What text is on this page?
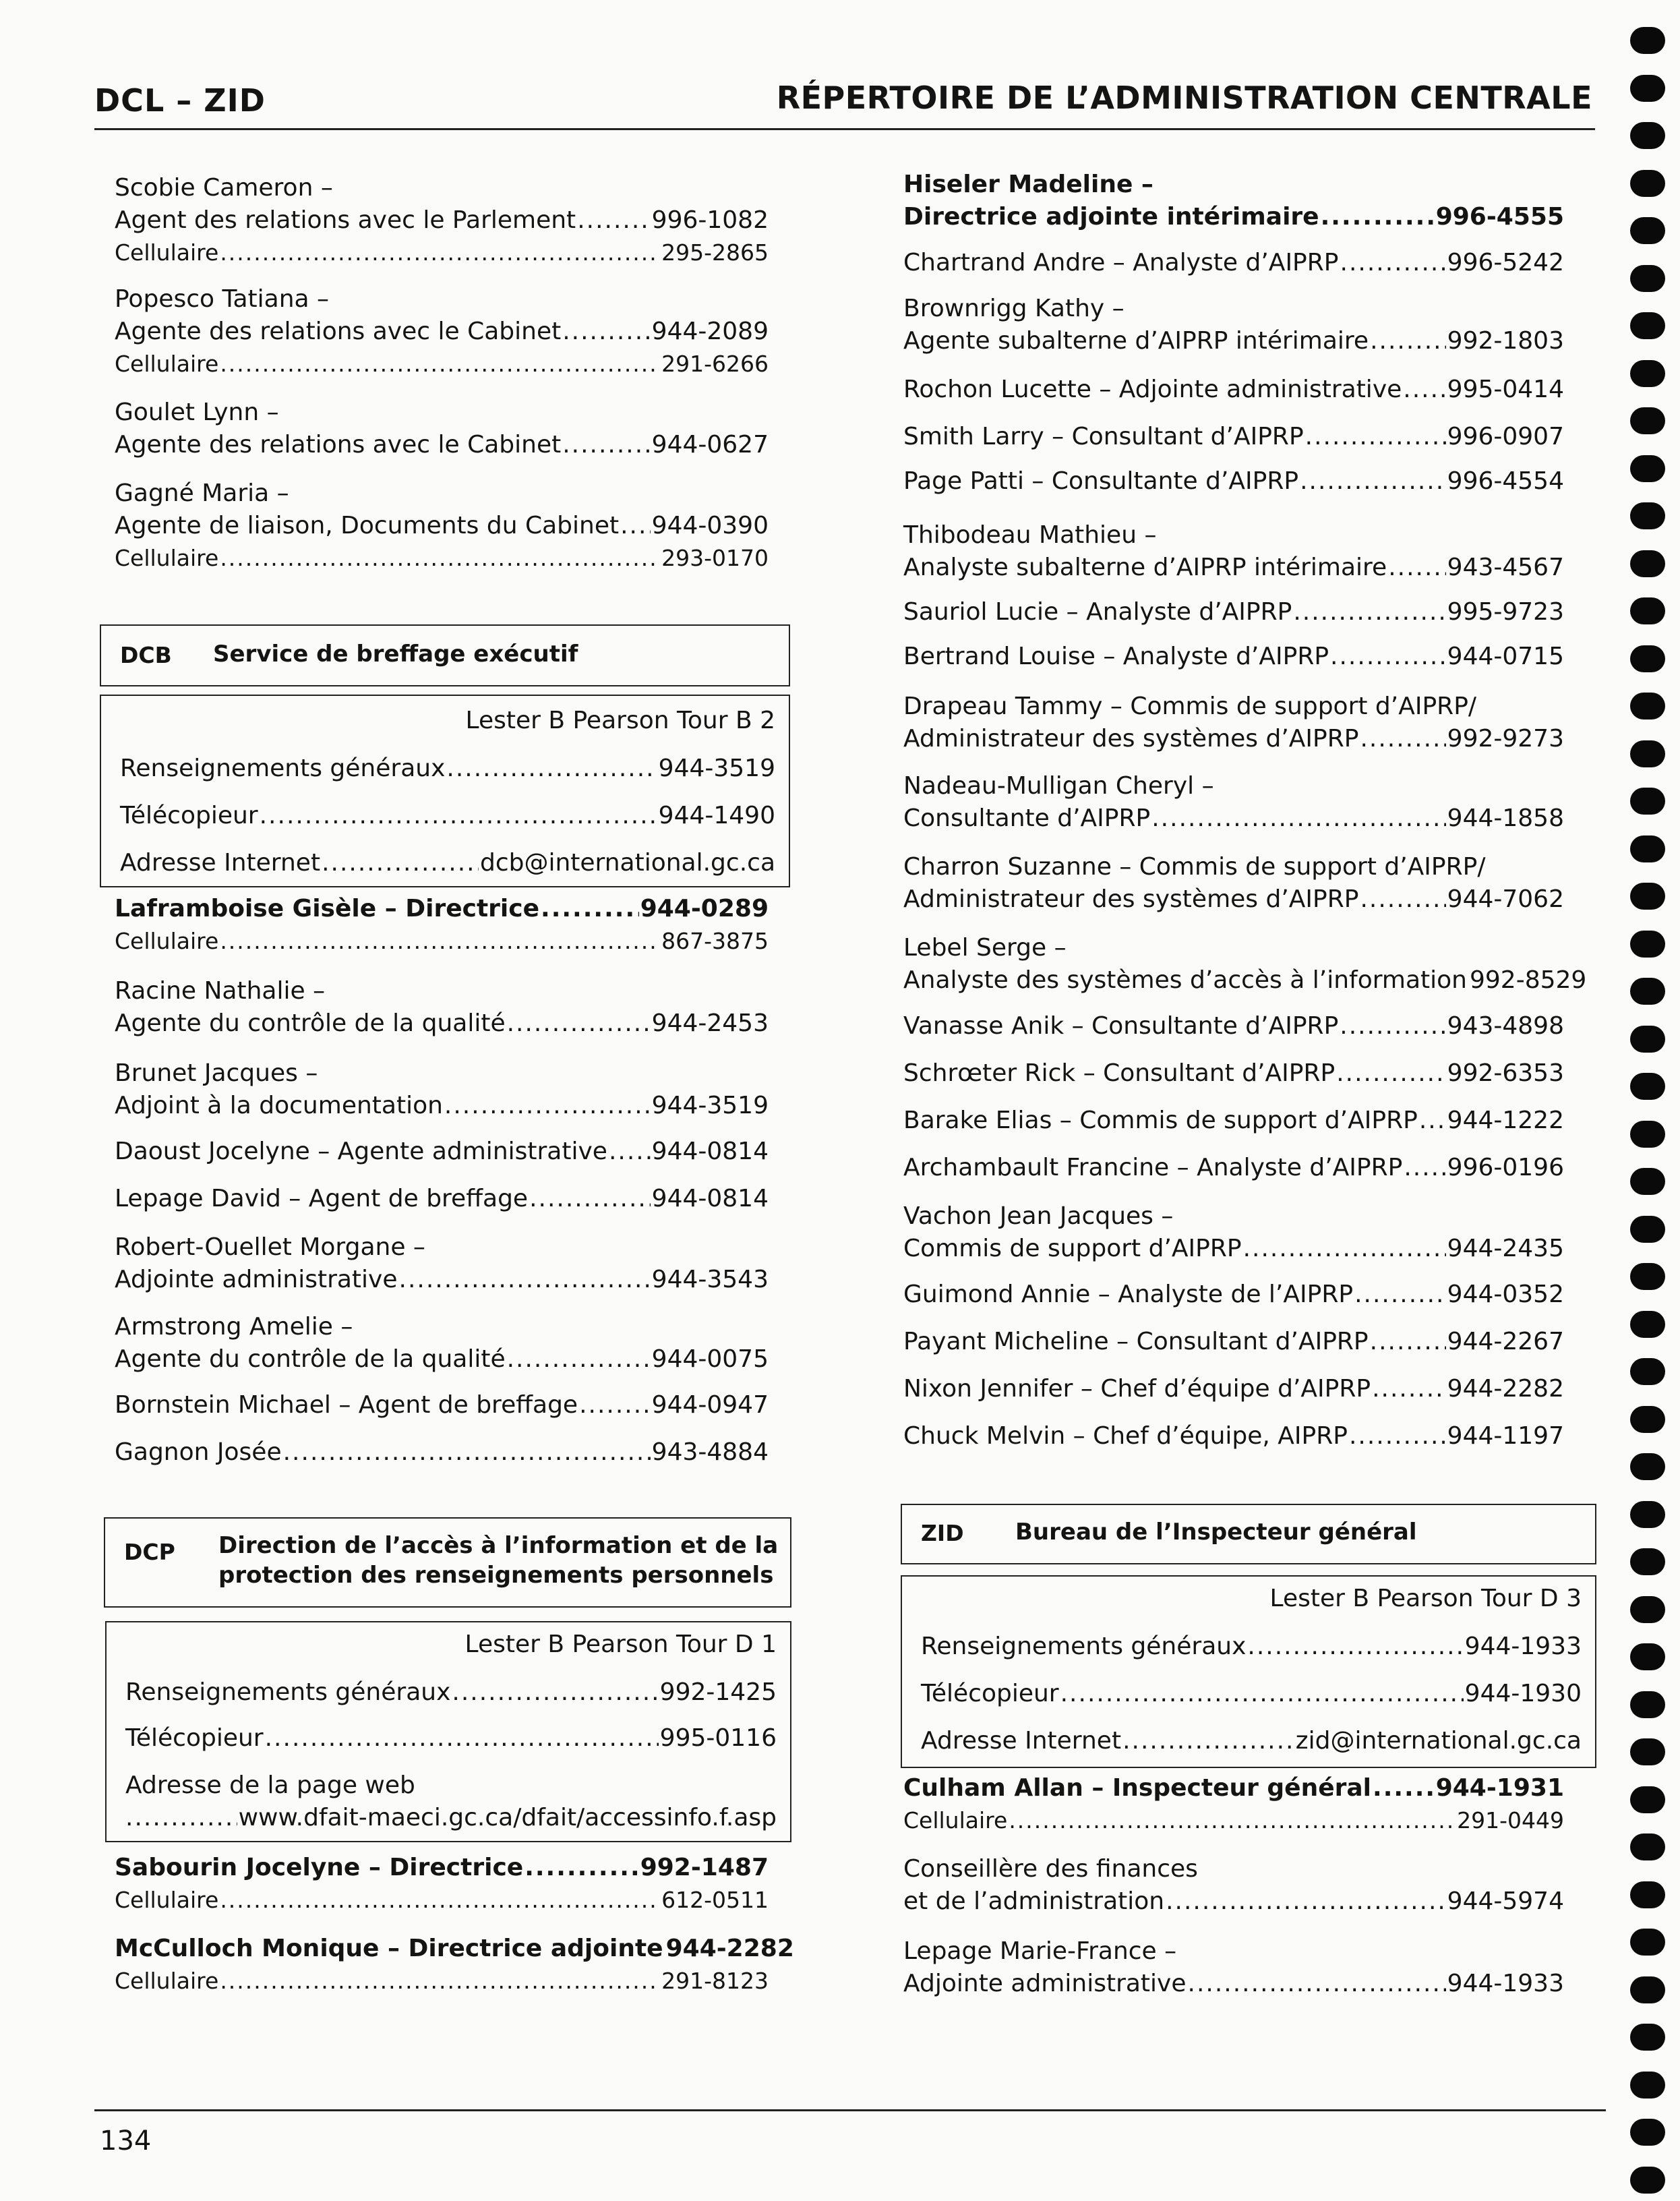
DCL – ZID	RÉPERTOIRE DE L’ADMINISTRATION CENTRALE
Scobie Cameron –
Agent des relations avec le Parlement .....	996-1082
Cellulaire .....	295-2865
Popesco Tatiana –
Agente des relations avec le Cabinet .....	944-2089
Cellulaire .....	291-6266
Goulet Lynn –
Agente des relations avec le Cabinet .....	944-0627
Gagné Maria –
Agente de liaison, Documents du Cabinet ..... 944-0390
Cellulaire .....	293-0170
DCB Service de breffage exécutif
Lester B Pearson Tour B 2
Renseignements généraux .....	944-3519
Télécopieur .....	944-1490
Adresse Internet .....	dcb@international.gc.ca
Laframboise Gisèle – Directrice .....	944-0289
Cellulaire .....	867-3875
Racine Nathalie –
Agente du contrôle de la qualité .....	944-2453
Brunet Jacques –
Adjoint à la documentation .....	944-3519
Daoust Jocelyne – Agente administrative ..... 944-0814
Lepage David – Agent de breffage .....	944-0814
Robert-Ouellet Morgane –
Adjointe administrative .....	944-3543
Armstrong Amelie –
Agente du contrôle de la qualité .....	944-0075
Bornstein Michael – Agent de breffage .....	944-0947
Gagnon Josée .....	943-4884
DCP Direction de l’accès à l’information et de la
protection des renseignements personnels
Lester B Pearson Tour D 1
Renseignements généraux .....	992-1425
Télécopieur .....	995-0116
Adresse de la page web
.....
www.dfait-maeci.gc.ca/dfait/accessinfo.f.asp
Sabourin Jocelyne – Directrice .....	992-1487
Cellulaire .....	612-0511
McCulloch Monique – Directrice adjointe 944-2282
Cellulaire .....	291-8123
Hiseler Madeline –
Directrice adjointe intérimaire .....	996-4555
Chartrand Andre – Analyste d’AIPRP .....	996-5242
Brownrigg Kathy –
Agente subalterne d’AIPRP intérimaire .....	992-1803
Rochon Lucette – Adjointe administrative ..... 995-0414
Smith Larry – Consultant d’AIPRP .....	996-0907
Page Patti – Consultante d’AIPRP .....	996-4554
Thibodeau Mathieu –
Analyste subalterne d’AIPRP intérimaire ..... 943-4567
Sauriol Lucie – Analyste d’AIPRP .....	995-9723
Bertrand Louise – Analyste d’AIPRP .....	944-0715
Drapeau Tammy – Commis de support d’AIPRP/
Administrateur des systèmes d’AIPRP .....	992-9273
Nadeau-Mulligan Cheryl –
Consultante d’AIPRP .....	944-1858
Charron Suzanne – Commis de support d’AIPRP/
Administrateur des systèmes d’AIPRP .....	944-7062
Lebel Serge –
Analyste des systèmes d’accès à l’information 992-8529
Vanasse Anik – Consultante d’AIPRP .....	943-4898
Schrœter Rick – Consultant d’AIPRP .....	992-6353
Barake Elias – Commis de support d’AIPRP ..... 944-1222
Archambault Francine – Analyste d’AIPRP ..... 996-0196
Vachon Jean Jacques –
Commis de support d’AIPRP .....	944-2435
Guimond Annie – Analyste de l’AIPRP .....	944-0352
Payant Micheline – Consultant d’AIPRP .....	944-2267
Nixon Jennifer – Chef d’équipe d’AIPRP .....	944-2282
Chuck Melvin – Chef d’équipe, AIPRP .....	944-1197
ZID Bureau de l’Inspecteur général
Lester B Pearson Tour D 3
Renseignements généraux .....	944-1933
Télécopieur .....	944-1930
Adresse Internet .....	zid@international.gc.ca
Culham Allan – Inspecteur général .....	944-1931
Cellulaire .....	291-0449
Conseillère des finances
et de l’administration .....	944-5974
Lepage Marie-France –
Adjointe administrative .....	944-1933
134
